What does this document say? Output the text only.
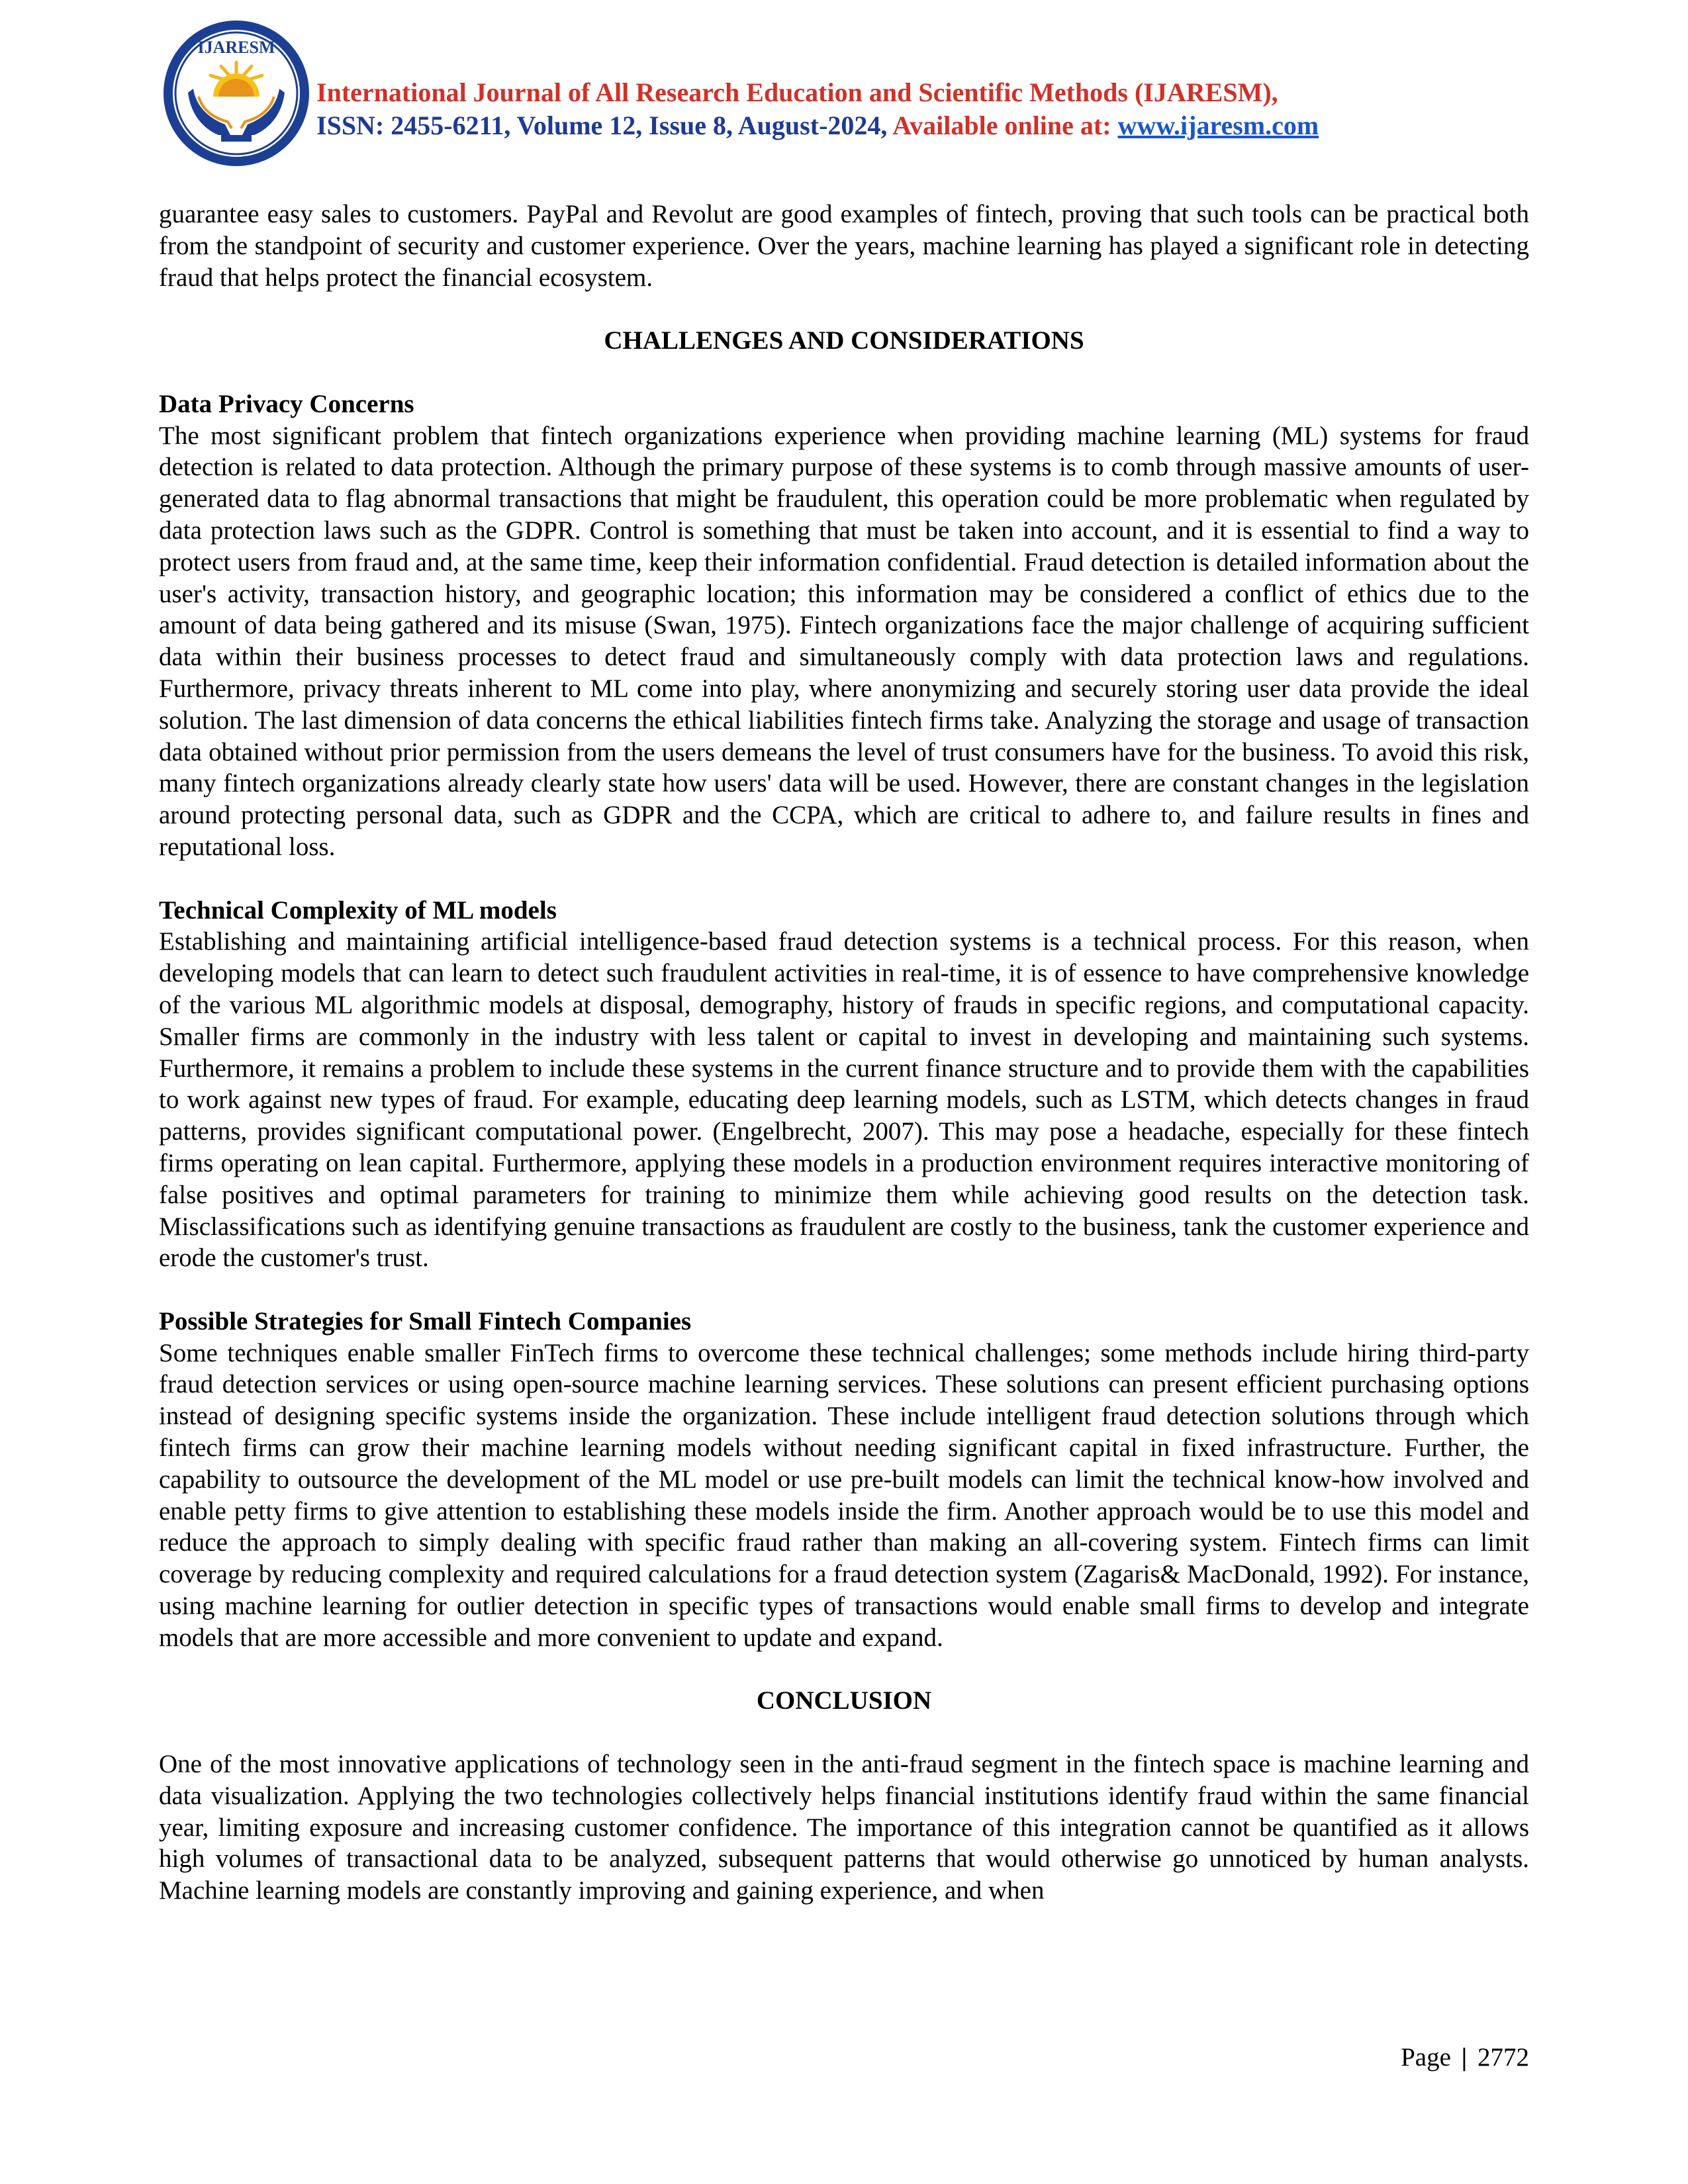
IJARESM
International Journal of All Research Education and Scientific Methods (IJARESM),
ISSN: 2455-6211, Volume 12, Issue 8, August-2024, Available online at: www.ijaresm.com

guarantee easy sales to customers. PayPal and Revolut are good examples of fintech, proving that such tools can be practical both from the standpoint of security and customer experience. Over the years, machine learning has played a significant role in detecting fraud that helps protect the financial ecosystem.

CHALLENGES AND CONSIDERATIONS
Data Privacy Concerns

The most significant problem that fintech organizations experience when providing machine learning (ML) systems for fraud detection is related to data protection. Although the primary purpose of these systems is to comb through massive amounts of user-generated data to flag abnormal transactions that might be fraudulent, this operation could be more problematic when regulated by data protection laws such as the GDPR. Control is something that must be taken into account, and it is essential to find a way to protect users from fraud and, at the same time, keep their information confidential. Fraud detection is detailed information about the user's activity, transaction history, and geographic location; this information may be considered a conflict of ethics due to the amount of data being gathered and its misuse (Swan, 1975). Fintech organizations face the major challenge of acquiring sufficient data within their business processes to detect fraud and simultaneously comply with data protection laws and regulations. Furthermore, privacy threats inherent to ML come into play, where anonymizing and securely storing user data provide the ideal solution. The last dimension of data concerns the ethical liabilities fintech firms take. Analyzing the storage and usage of transaction data obtained without prior permission from the users demeans the level of trust consumers have for the business. To avoid this risk, many fintech organizations already clearly state how users' data will be used. However, there are constant changes in the legislation around protecting personal data, such as GDPR and the CCPA, which are critical to adhere to, and failure results in fines and reputational loss.

Technical Complexity of ML models

Establishing and maintaining artificial intelligence-based fraud detection systems is a technical process. For this reason, when developing models that can learn to detect such fraudulent activities in real-time, it is of essence to have comprehensive knowledge of the various ML algorithmic models at disposal, demography, history of frauds in specific regions, and computational capacity. Smaller firms are commonly in the industry with less talent or capital to invest in developing and maintaining such systems. Furthermore, it remains a problem to include these systems in the current finance structure and to provide them with the capabilities to work against new types of fraud. For example, educating deep learning models, such as LSTM, which detects changes in fraud patterns, provides significant computational power. (Engelbrecht, 2007). This may pose a headache, especially for these fintech firms operating on lean capital. Furthermore, applying these models in a production environment requires interactive monitoring of false positives and optimal parameters for training to minimize them while achieving good results on the detection task. Misclassifications such as identifying genuine transactions as fraudulent are costly to the business, tank the customer experience and erode the customer's trust.

Possible Strategies for Small Fintech Companies

Some techniques enable smaller FinTech firms to overcome these technical challenges; some methods include hiring third-party fraud detection services or using open-source machine learning services. These solutions can present efficient purchasing options instead of designing specific systems inside the organization. These include intelligent fraud detection solutions through which fintech firms can grow their machine learning models without needing significant capital in fixed infrastructure. Further, the capability to outsource the development of the ML model or use pre-built models can limit the technical know-how involved and enable petty firms to give attention to establishing these models inside the firm. Another approach would be to use this model and reduce the approach to simply dealing with specific fraud rather than making an all-covering system. Fintech firms can limit coverage by reducing complexity and required calculations for a fraud detection system (Zagaris& MacDonald, 1992). For instance, using machine learning for outlier detection in specific types of transactions would enable small firms to develop and integrate models that are more accessible and more convenient to update and expand.

CONCLUSION

One of the most innovative applications of technology seen in the anti-fraud segment in the fintech space is machine learning and data visualization. Applying the two technologies collectively helps financial institutions identify fraud within the same financial year, limiting exposure and increasing customer confidence. The importance of this integration cannot be quantified as it allows high volumes of transactional data to be analyzed, subsequent patterns that would otherwise go unnoticed by human analysts. Machine learning models are constantly improving and gaining experience, and when

Page | 2772
